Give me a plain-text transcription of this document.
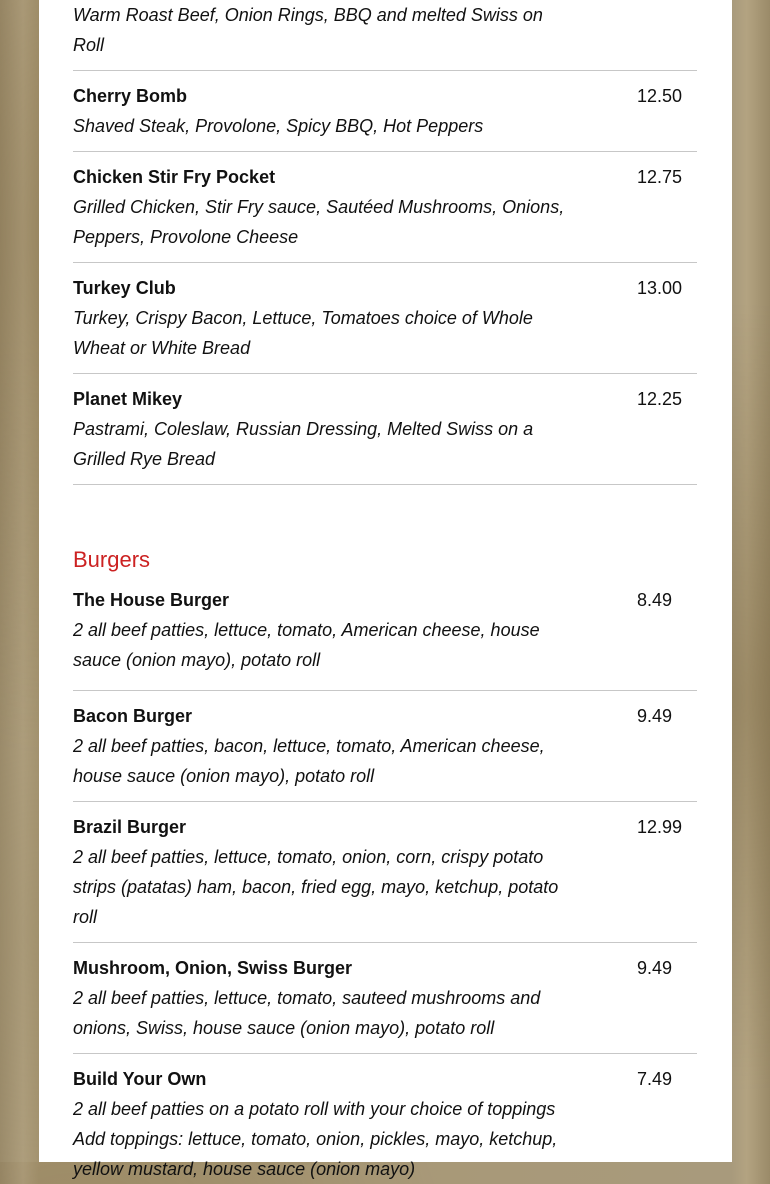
Warm Roast Beef, Onion Rings, BBQ and melted Swiss on Roll
Cherry Bomb
Shaved Steak, Provolone, Spicy BBQ, Hot Peppers
12.50
Chicken Stir Fry Pocket
Grilled Chicken, Stir Fry sauce, Sautéed Mushrooms, Onions, Peppers, Provolone Cheese
12.75
Turkey Club
Turkey, Crispy Bacon, Lettuce, Tomatoes choice of Whole Wheat or White Bread
13.00
Planet Mikey
Pastrami, Coleslaw, Russian Dressing, Melted Swiss on a Grilled Rye Bread
12.25
Burgers
The House Burger
2 all beef patties, lettuce, tomato, American cheese, house sauce (onion mayo), potato roll
8.49
Bacon Burger
2 all beef patties, bacon, lettuce, tomato, American cheese, house sauce (onion mayo), potato roll
9.49
Brazil Burger
2 all beef patties, lettuce, tomato, onion, corn, crispy potato strips (patatas) ham, bacon, fried egg, mayo, ketchup, potato roll
12.99
Mushroom, Onion, Swiss Burger
2 all beef patties, lettuce, tomato, sauteed mushrooms and onions, Swiss, house sauce (onion mayo), potato roll
9.49
Build Your Own
2 all beef patties on a potato roll with your choice of toppings Add toppings: lettuce, tomato, onion, pickles, mayo, ketchup, yellow mustard, house sauce (onion mayo)
7.49
